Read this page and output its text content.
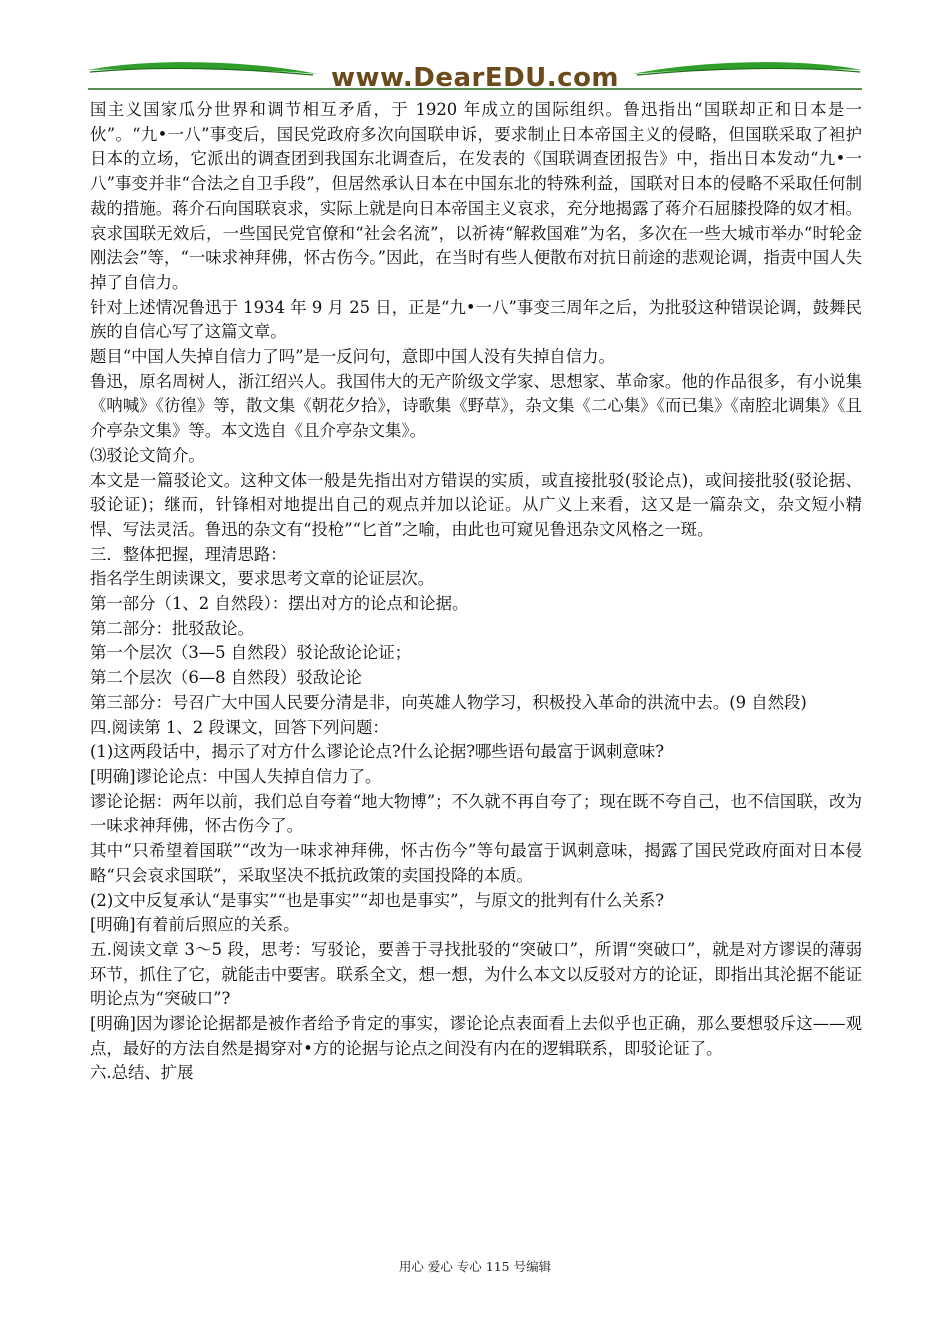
www.DearEDU.com

国主义国家瓜分世界和调节相互矛盾，于 1920 年成立的国际组织。鲁迅指出“国联却正和日本是一伙”。“九•一八”事变后，国民党政府多次向国联申诉，要求制止日本帝国主义的侵略，但国联采取了袒护日本的立场，它派出的调查团到我国东北调查后，在发表的《国联调查团报告》中，指出日本发动“九•一八”事变并非“合法之自卫手段”，但居然承认日本在中国东北的特殊利益，国联对日本的侵略不采取任何制裁的措施。蒋介石向国联哀求，实际上就是向日本帝国主义哀求，充分地揭露了蒋介石屈膝投降的奴才相。哀求国联无效后，一些国民党官僚和“社会名流”，以祈祷“解救国难”为名，多次在一些大城市举办“时轮金刚法会”等，“一味求神拜佛，怀古伤今。”因此，在当时有些人便散布对抗日前途的悲观论调，指责中国人失掉了自信力。

针对上述情况鲁迅于 1934 年 9 月 25 日，正是“九•一八”事变三周年之后，为批驳这种错误论调，鼓舞民族的自信心写了这篇文章。

题目“中国人失掉自信力了吗”是一反问句，意即中国人没有失掉自信力。

鲁迅，原名周树人，浙江绍兴人。我国伟大的无产阶级文学家、思想家、革命家。他的作品很多，有小说集《呐喊》《彷徨》等，散文集《朝花夕拾》，诗歌集《野草》，杂文集《二心集》《而已集》《南腔北调集》《且介亭杂文集》等。本文选自《且介亭杂文集》。

⑶驳论文简介。

本文是一篇驳论文。这种文体一般是先指出对方错误的实质，或直接批驳(驳论点)，或间接批驳(驳论据、驳论证)；继而，针锋相对地提出自己的观点并加以论证。从广义上来看，这又是一篇杂文，杂文短小精悍、写法灵活。鲁迅的杂文有“投枪”“匕首”之喻，由此也可窥见鲁迅杂文风格之一斑。

三．整体把握，理清思路：

指名学生朗读课文，要求思考文章的论证层次。

第一部分（1、2 自然段）：摆出对方的论点和论据。

第二部分：批驳敌论。

第一个层次（3—5 自然段）驳论敌论论证；

第二个层次（6—8 自然段）驳敌论论

第三部分：号召广大中国人民要分清是非，向英雄人物学习，积极投入革命的洪流中去。(9 自然段)

四.阅读第 1、2 段课文，回答下列问题：

(1)这两段话中，揭示了对方什么谬论论点?什么论据?哪些语句最富于讽刺意味?

[明确]谬论论点：中国人失掉自信力了。

谬论论据：两年以前，我们总自夸着“地大物博”；不久就不再自夸了；现在既不夸自己，也不信国联，改为一味求神拜佛，怀古伤今了。

其中“只希望着国联”“改为一味求神拜佛，怀古伤今”等句最富于讽刺意味，揭露了国民党政府面对日本侵略“只会哀求国联”，采取坚决不抵抗政策的卖国投降的本质。

(2)文中反复承认“是事实”“也是事实”“却也是事实”，与原文的批判有什么关系?

[明确]有着前后照应的关系。

五.阅读文章 3～5 段，思考：写驳论，要善于寻找批驳的“突破口”，所谓“突破口”，就是对方谬误的薄弱环节，抓住了它，就能击中要害。联系全文，想一想，为什么本文以反驳对方的论证，即指出其沦据不能证明论点为“突破口”?

[明确]因为谬论论据都是被作者给予肯定的事实，谬论论点表面看上去似乎也正确，那么要想驳斥这——观点，最好的方法自然是揭穿对•方的论据与论点之间没有内在的逻辑联系，即驳论证了。

六.总结、扩展

用心 爱心 专心 115 号编辑
